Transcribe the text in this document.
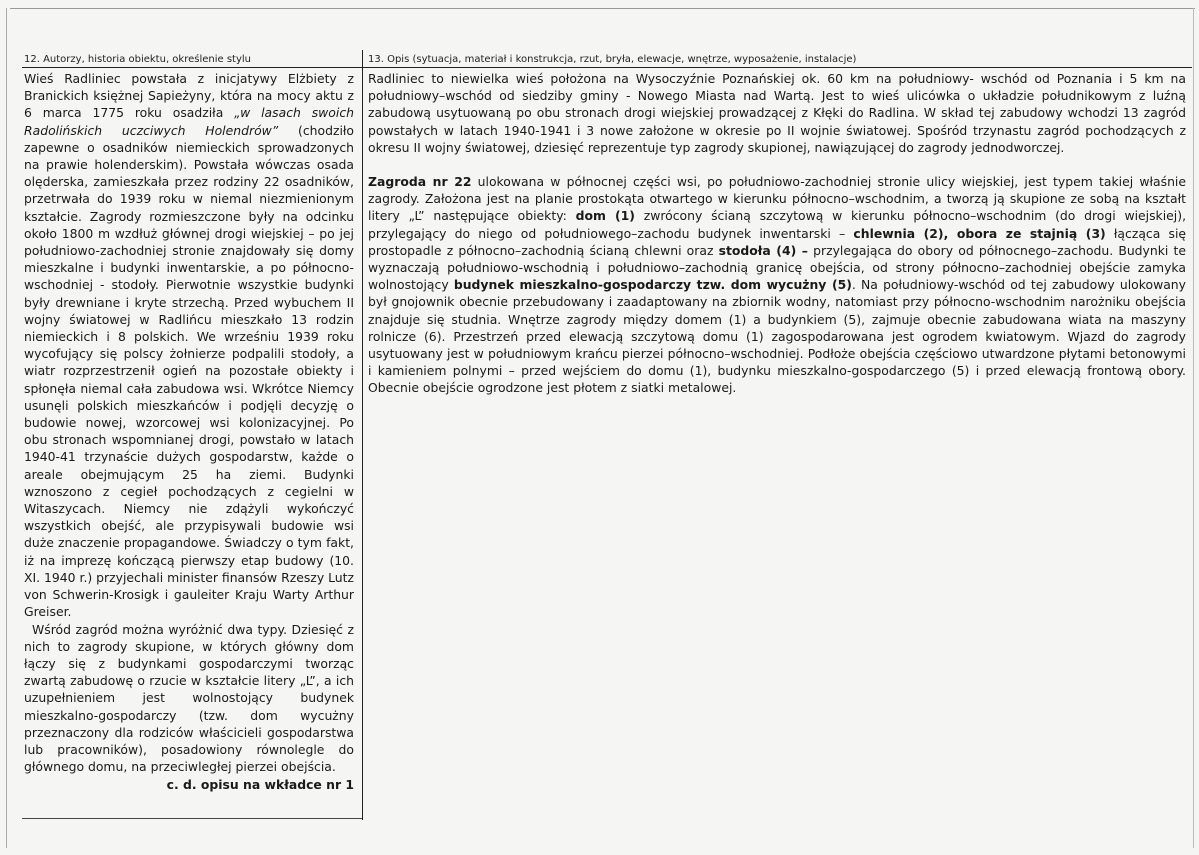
12. Autorzy, historia obiektu, określenie stylu	13. Opis (sytuacja, materiał i konstrukcja, rzut, bryła, elewacje, wnętrze, wyposażenie, instalacje)

Wieś Radliniec powstała z inicjatywy Elżbiety z Branickich księżnej Sapieżyny, która na mocy aktu z 6 marca 1775 roku osadziła „w lasach swoich Radolińskich uczciwych Holendrów” (chodziło zapewne o osadników niemieckich sprowadzonych na prawie holenderskim). Powstała wówczas osada olęderska, zamieszkała przez rodziny 22 osadników, przetrwała do 1939 roku w niemal niezmienionym kształcie. Zagrody rozmieszczone były na odcinku około 1800 m wzdłuż głównej drogi wiejskiej – po jej południowo-zachodniej stronie znajdowały się domy mieszkalne i budynki inwentarskie, a po północno-wschodniej - stodoły. Pierwotnie wszystkie budynki były drewniane i kryte strzechą. Przed wybuchem II wojny światowej w Radlińcu mieszkało 13 rodzin niemieckich i 8 polskich. We wrześniu 1939 roku wycofujący się polscy żołnierze podpalili stodoły, a wiatr rozprzestrzenił ogień na pozostałe obiekty i spłonęła niemal cała zabudowa wsi. Wkrótce Niemcy usunęli polskich mieszkańców i podjęli decyzję o budowie nowej, wzorcowej wsi kolonizacyjnej. Po obu stronach wspomnianej drogi, powstało w latach 1940-41 trzynaście dużych gospodarstw, każde o areale obejmującym 25 ha ziemi. Budynki wznoszono z cegieł pochodzących z cegielni w Witaszycach. Niemcy nie zdążyli wykończyć wszystkich obejść, ale przypisywali budowie wsi duże znaczenie propagandowe. Świadczy o tym fakt, iż na imprezę kończącą pierwszy etap budowy (10. XI. 1940 r.) przyjechali minister finansów Rzeszy Lutz von Schwerin-Krosigk i gauleiter Kraju Warty Arthur Greiser.

Wśród zagród można wyróżnić dwa typy. Dziesięć z nich to zagrody skupione, w których główny dom łączy się z budynkami gospodarczymi tworząc zwartą zabudowę o rzucie w kształcie litery „L”, a ich uzupełnieniem jest wolnostojący budynek mieszkalno-gospodarczy (tzw. dom wycużny przeznaczony dla rodziców właścicieli gospodarstwa lub pracowników), posadowiony równolegle do głównego domu, na przeciwległej pierzei obejścia.

c. d. opisu na wkładce nr 1

Radliniec to niewielka wieś położona na Wysoczyźnie Poznańskiej ok. 60 km na południowy- wschód od Poznania i 5 km na południowy–wschód od siedziby gminy - Nowego Miasta nad Wartą. Jest to wieś ulicówka o układzie południkowym z luźną zabudową usytuowaną po obu stronach drogi wiejskiej prowadzącej z Kłęki do Radlina. W skład tej zabudowy wchodzi 13 zagród powstałych w latach 1940-1941 i 3 nowe założone w okresie po II wojnie światowej. Spośród trzynastu zagród pochodzących z okresu II wojny światowej, dziesięć reprezentuje typ zagrody skupionej, nawiązującej do zagrody jednodworczej.

Zagroda nr 22 ulokowana w północnej części wsi, po południowo-zachodniej stronie ulicy wiejskiej, jest typem takiej właśnie zagrody. Założona jest na planie prostokąta otwartego w kierunku północno–wschodnim, a tworzą ją skupione ze sobą na kształt litery „L” następujące obiekty: dom (1) zwrócony ścianą szczytową w kierunku północno–wschodnim (do drogi wiejskiej), przylegający do niego od południowego–zachodu budynek inwentarski – chlewnia (2), obora ze stajnią (3) łącząca się prostopadle z północno–zachodnią ścianą chlewni oraz stodoła (4) – przylegająca do obory od północnego–zachodu. Budynki te wyznaczają południowo-wschodnią i południowo–zachodnią granicę obejścia, od strony północno–zachodniej obejście zamyka wolnostojący budynek mieszkalno-gospodarczy tzw. dom wycużny (5). Na południowy-wschód od tej zabudowy ulokowany był gnojownik obecnie przebudowany i zaadaptowany na zbiornik wodny, natomiast przy północno-wschodnim narożniku obejścia znajduje się studnia. Wnętrze zagrody między domem (1) a budynkiem (5), zajmuje obecnie zabudowana wiata na maszyny rolnicze (6). Przestrzeń przed elewacją szczytową domu (1) zagospodarowana jest ogrodem kwiatowym. Wjazd do zagrody usytuowany jest w południowym krańcu pierzei północno–wschodniej. Podłoże obejścia częściowo utwardzone płytami betonowymi i kamieniem polnymi – przed wejściem do domu (1), budynku mieszkalno-gospodarczego (5) i przed elewacją frontową obory. Obecnie obejście ogrodzone jest płotem z siatki metalowej.
